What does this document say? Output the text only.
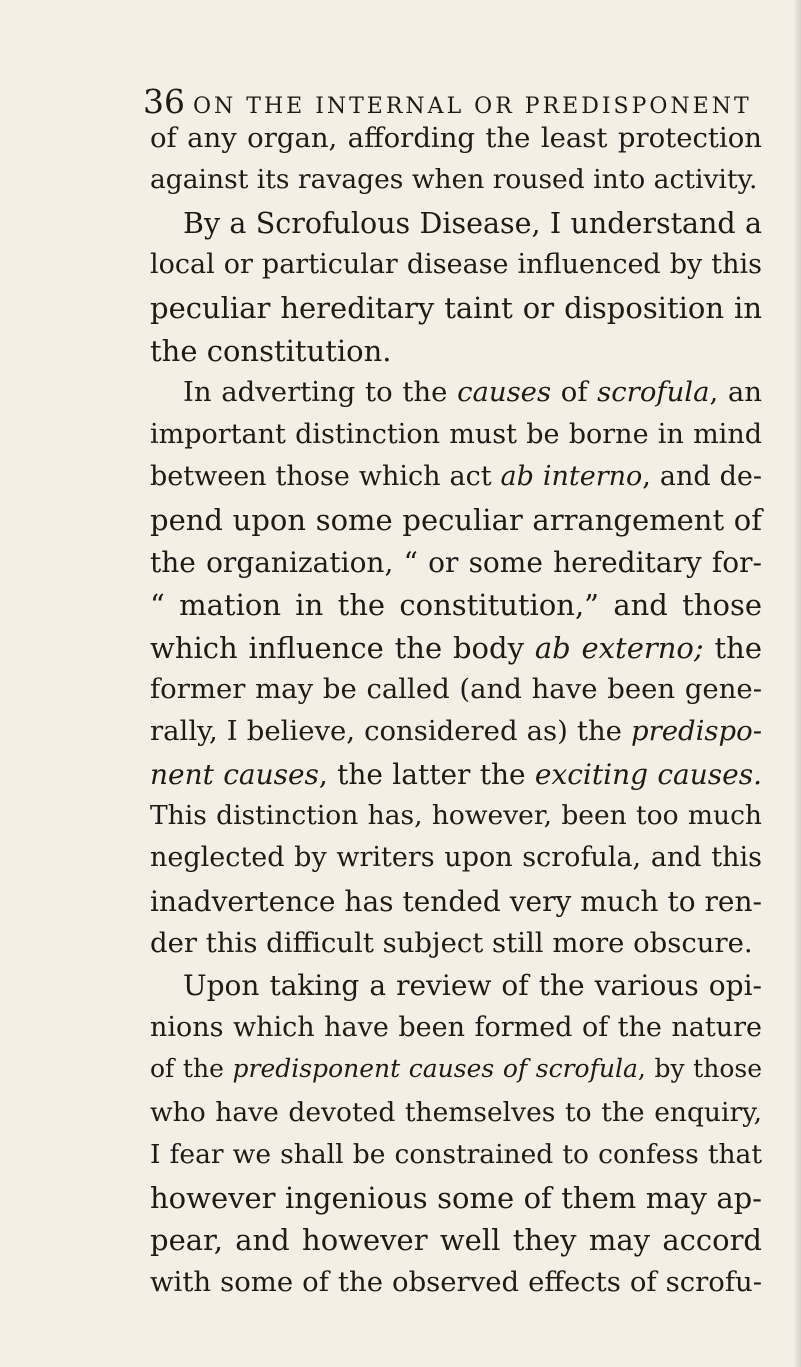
36 ON THE INTERNAL OR PREDISPONENT
of any organ, affording the least protection
against its ravages when roused into activity.
By a Scrofulous Disease, I understand a
local or particular disease influenced by this
peculiar hereditary taint or disposition in
the constitution.
In adverting to the causes of scrofula, an
important distinction must be borne in mind
between those which act ab interno, and de-
pend upon some peculiar arrangement of
the organization, “ or some hereditary for-
“ mation in the constitution,” and those
which influence the body ab externo; the
former may be called (and have been gene-
rally, I believe, considered as) the predispo-
nent causes, the latter the exciting causes.
This distinction has, however, been too much
neglected by writers upon scrofula, and this
inadvertence has tended very much to ren-
der this difficult subject still more obscure.
Upon taking a review of the various opi-
nions which have been formed of the nature
of the predisponent causes of scrofula, by those
who have devoted themselves to the enquiry,
I fear we shall be constrained to confess that
however ingenious some of them may ap-
pear, and however well they may accord
with some of the observed effects of scrofu-
